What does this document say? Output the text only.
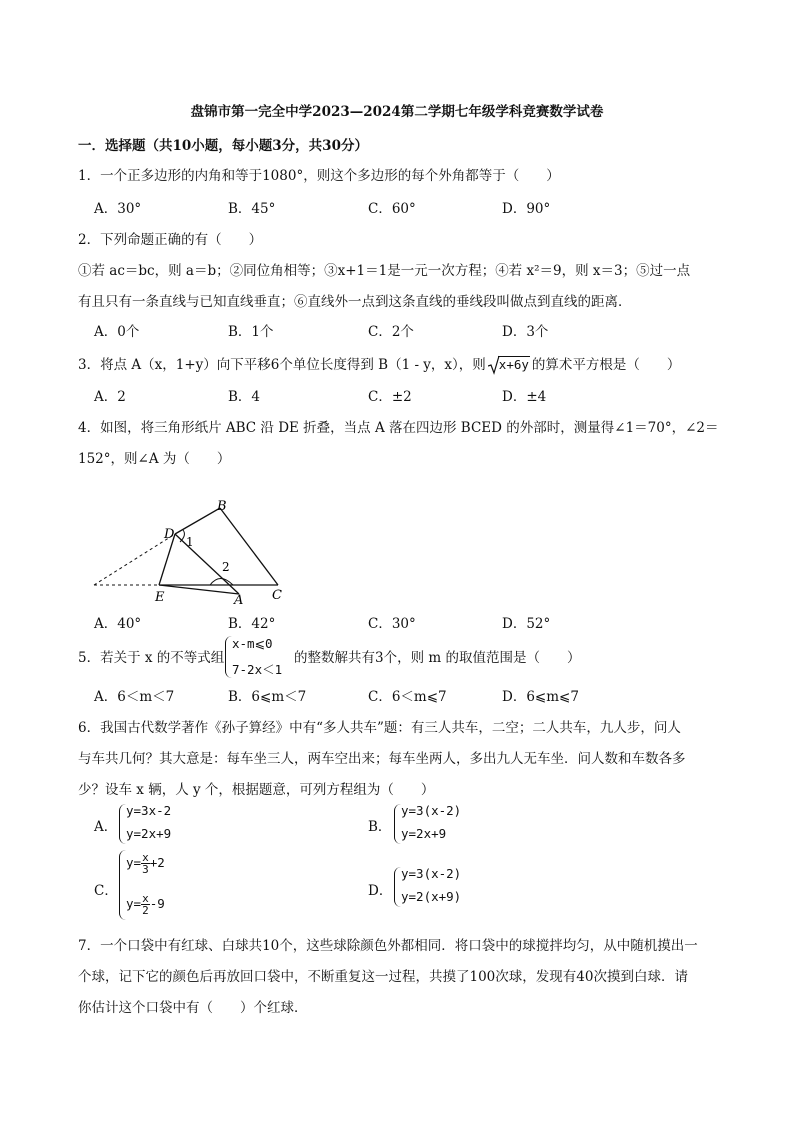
盘锦市第一完全中学2023—2024第二学期七年级学科竞赛数学试卷
一．选择题（共10小题，每小题3分，共30分）
1．一个正多边形的内角和等于1080°，则这个多边形的每个外角都等于（　　）
A．30°	B．45°	C．60°	D．90°
2．下列命题正确的有（　　）
①若 ac＝bc，则 a＝b；②同位角相等；③x+1＝1是一元一次方程；④若 x²＝9，则 x＝3；⑤过一点
有且只有一条直线与已知直线垂直；⑥直线外一点到这条直线的垂线段叫做点到直线的距离．
A．0个	B．1个	C．2个	D．3个
3．将点 A（x，1+y）向下平移6个单位长度得到 B（1 - y，x），则 x+6y 的算术平方根是（　　）
A．2	B．4	C．±2	D．±4
4．如图，将三角形纸片 ABC 沿 DE 折叠，当点 A 落在四边形 BCED 的外部时，测量得∠1＝70°，∠2＝
152°，则∠A 为（　　）
B
D
E	A C
1
2
A．40°	B．42°	C．30°	D．52°
5．若关于 x 的不等式组
x-m⩽0
7-2x＜1
的整数解共有3个，则 m 的取值范围是（　　）
A．6＜m＜7	B．6⩽m＜7	C．6＜m⩽7	D．6⩽m⩽7
6．我国古代数学著作《孙子算经》中有“多人共车”题：有三人共车，二空；二人共车，九人步，问人
与车共几何？其大意是：每车坐三人，两车空出来；每车坐两人，多出九人无车坐．问人数和车数各多
少？设车 x 辆，人 y 个，根据题意，可列方程组为（　　）
A．
y=3x-2
y=2x+9	B．
y=3(x-2)
y=2x+9
C．
$y= \frac{x}{3} +2$
$y= \frac{x}{2} -9$
D．
y=3(x-2)
y=2(x+9)
7．一个口袋中有红球、白球共10个，这些球除颜色外都相同．将口袋中的球搅拌均匀，从中随机摸出一
个球，记下它的颜色后再放回口袋中，不断重复这一过程，共摸了100次球，发现有40次摸到白球．请
你估计这个口袋中有（　　）个红球．
